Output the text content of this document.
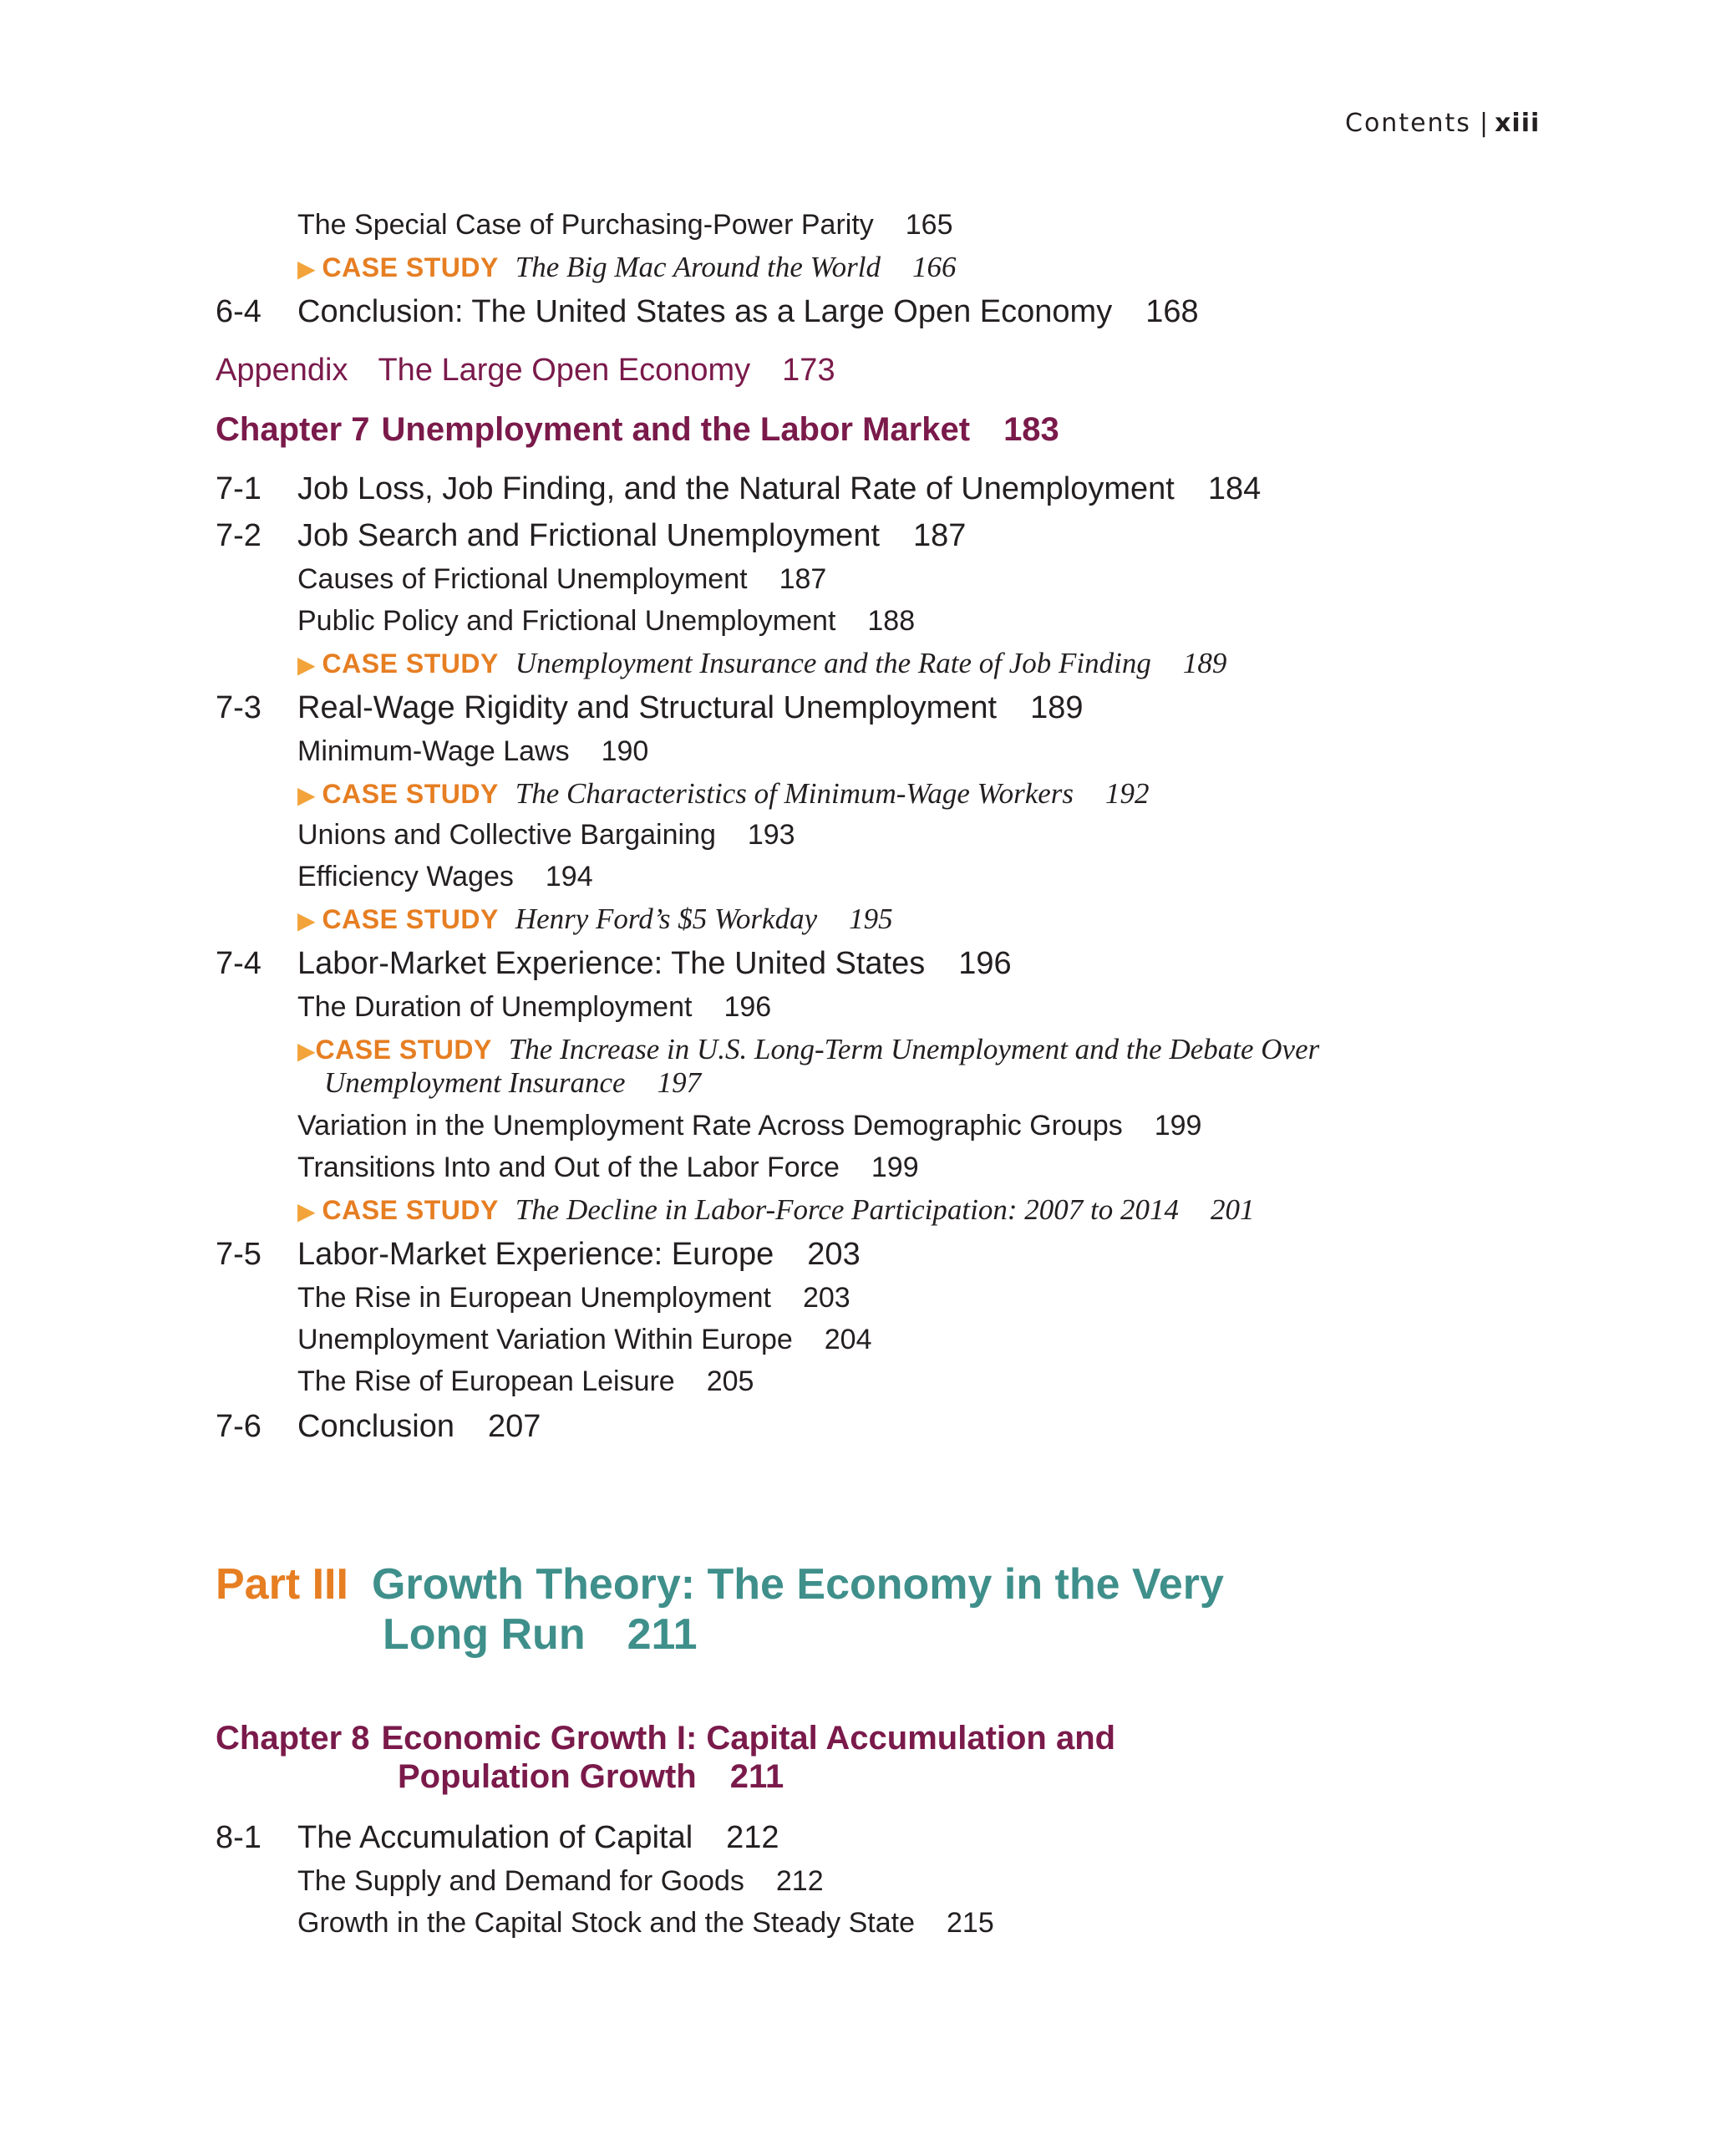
Contents | xiii
The Special Case of Purchasing-Power Parity 165
▶ CASE STUDY The Big Mac Around the World 166
6-4 Conclusion: The United States as a Large Open Economy 168
Appendix The Large Open Economy 173
Chapter 7 Unemployment and the Labor Market 183
7-1 Job Loss, Job Finding, and the Natural Rate of Unemployment 184
7-2 Job Search and Frictional Unemployment 187
Causes of Frictional Unemployment 187
Public Policy and Frictional Unemployment 188
▶ CASE STUDY Unemployment Insurance and the Rate of Job Finding 189
7-3 Real-Wage Rigidity and Structural Unemployment 189
Minimum-Wage Laws 190
▶ CASE STUDY The Characteristics of Minimum-Wage Workers 192
Unions and Collective Bargaining 193
Efficiency Wages 194
▶ CASE STUDY Henry Ford’s $5 Workday 195
7-4 Labor-Market Experience: The United States 196
The Duration of Unemployment 196
▶CASE STUDY The Increase in U.S. Long-Term Unemployment and the Debate Over
Unemployment Insurance 197
Variation in the Unemployment Rate Across Demographic Groups 199
Transitions Into and Out of the Labor Force 199
▶ CASE STUDY The Decline in Labor-Force Participation: 2007 to 2014 201
7-5 Labor-Market Experience: Europe 203
The Rise in European Unemployment 203
Unemployment Variation Within Europe 204
The Rise of European Leisure 205
7-6 Conclusion 207
Part III Growth Theory: The Economy in the Very
Long Run 211
Chapter 8 Economic Growth I: Capital Accumulation and
Population Growth 211
8-1 The Accumulation of Capital 212
The Supply and Demand for Goods 212
Growth in the Capital Stock and the Steady State 215
